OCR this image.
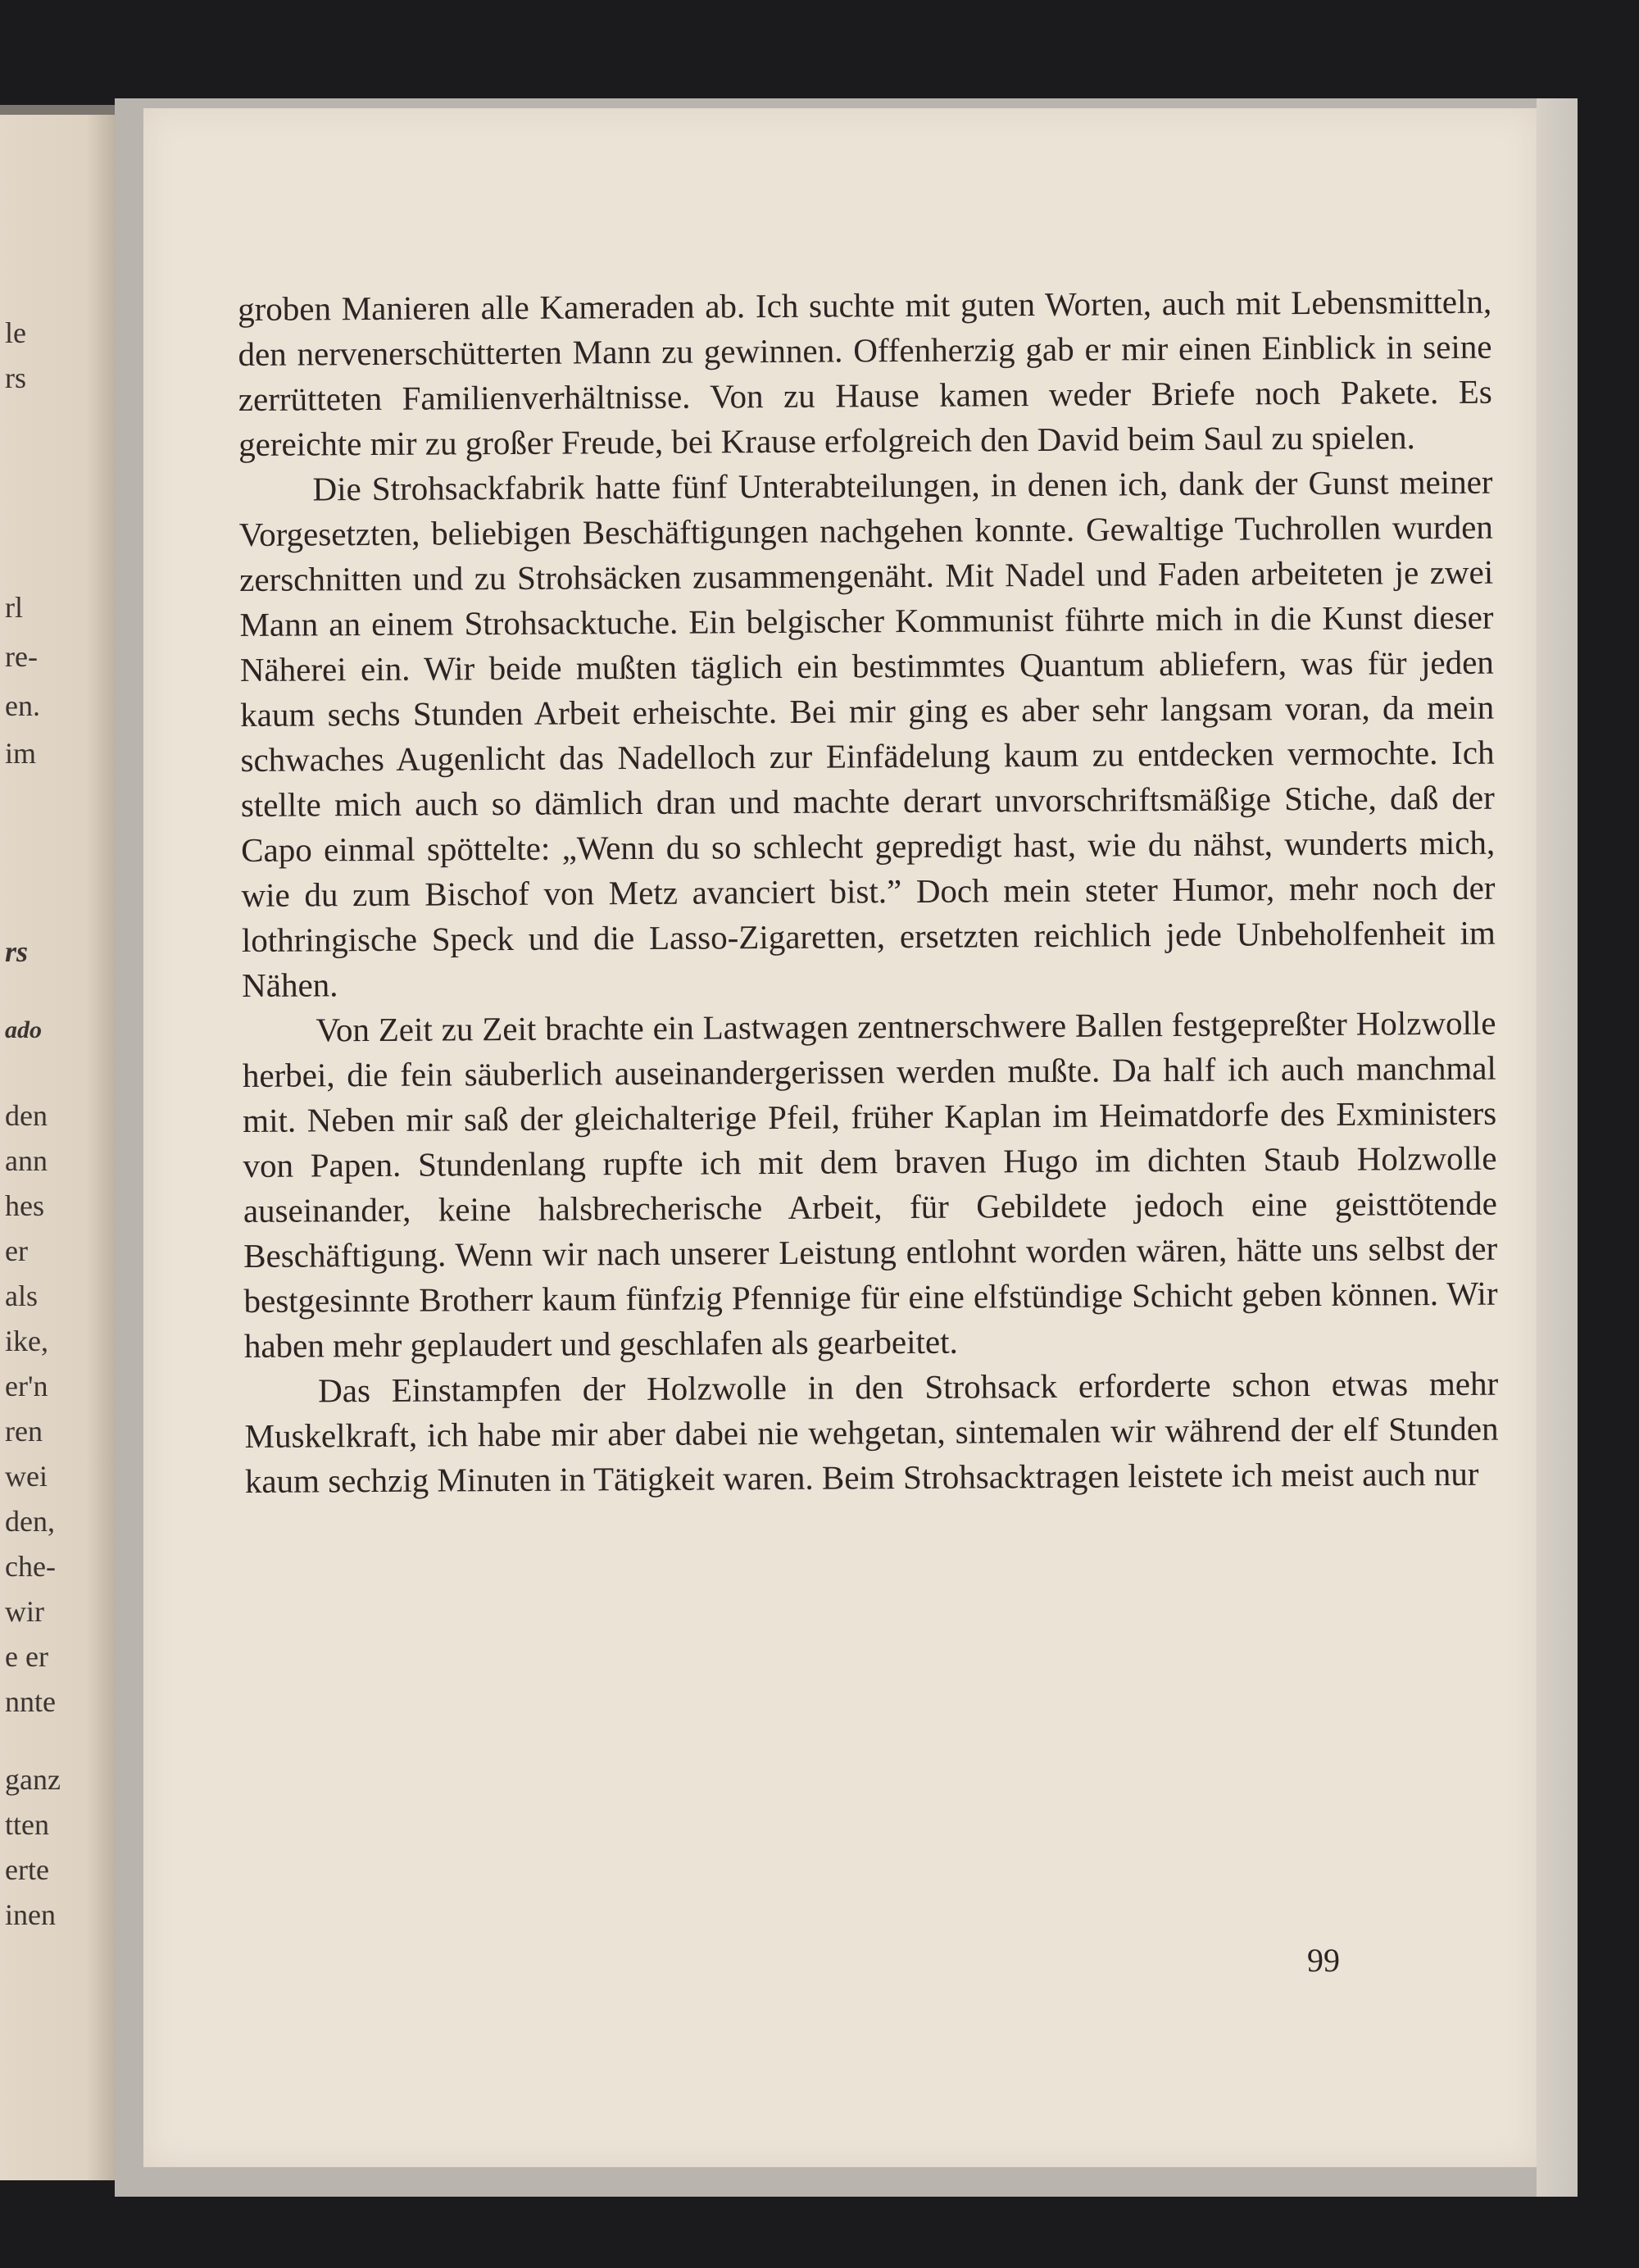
le
rs
rl
re-
en.
im
rs
ado
den
ann
hes
er
als
ike,
er'n
ren
wei
den,
che-
wir
e er
nnte
ganz
tten
erte
inen

groben Manieren alle Kameraden ab. Ich suchte mit guten Worten, auch mit Lebensmitteln, den nervenerschütterten Mann zu gewinnen. Offenherzig gab er mir einen Einblick in seine zerrütteten Familienverhältnisse. Von zu Hause kamen weder Briefe noch Pakete. Es gereichte mir zu großer Freude, bei Krause erfolgreich den David beim Saul zu spielen.

Die Strohsackfabrik hatte fünf Unterabteilungen, in denen ich, dank der Gunst meiner Vorgesetzten, beliebigen Beschäftigungen nachgehen konnte. Gewaltige Tuchrollen wurden zerschnitten und zu Strohsäcken zusammengenäht. Mit Nadel und Faden arbeiteten je zwei Mann an einem Strohsacktuche. Ein belgischer Kommunist führte mich in die Kunst dieser Näherei ein. Wir beide mußten täglich ein bestimmtes Quantum abliefern, was für jeden kaum sechs Stunden Arbeit erheischte. Bei mir ging es aber sehr langsam voran, da mein schwaches Augenlicht das Nadelloch zur Einfädelung kaum zu entdecken vermochte. Ich stellte mich auch so dämlich dran und machte derart unvorschriftsmäßige Stiche, daß der Capo einmal spöttelte: „Wenn du so schlecht gepredigt hast, wie du nähst, wunderts mich, wie du zum Bischof von Metz avanciert bist.” Doch mein steter Humor, mehr noch der lothringische Speck und die Lasso-Zigaretten, ersetzten reichlich jede Unbeholfenheit im Nähen.

Von Zeit zu Zeit brachte ein Lastwagen zentnerschwere Ballen festgepreßter Holzwolle herbei, die fein säuberlich auseinandergerissen werden mußte. Da half ich auch manchmal mit. Neben mir saß der gleichalterige Pfeil, früher Kaplan im Heimatdorfe des Exministers von Papen. Stundenlang rupfte ich mit dem braven Hugo im dichten Staub Holzwolle auseinander, keine halsbrecherische Arbeit, für Gebildete jedoch eine geisttötende Beschäftigung. Wenn wir nach unserer Leistung entlohnt worden wären, hätte uns selbst der bestgesinnte Brotherr kaum fünfzig Pfennige für eine elfstündige Schicht geben können. Wir haben mehr geplaudert und geschlafen als gearbeitet.

Das Einstampfen der Holzwolle in den Strohsack erforderte schon etwas mehr Muskelkraft, ich habe mir aber dabei nie wehgetan, sintemalen wir während der elf Stunden kaum sechzig Minuten in Tätigkeit waren. Beim Strohsacktragen leistete ich meist auch nur

99
